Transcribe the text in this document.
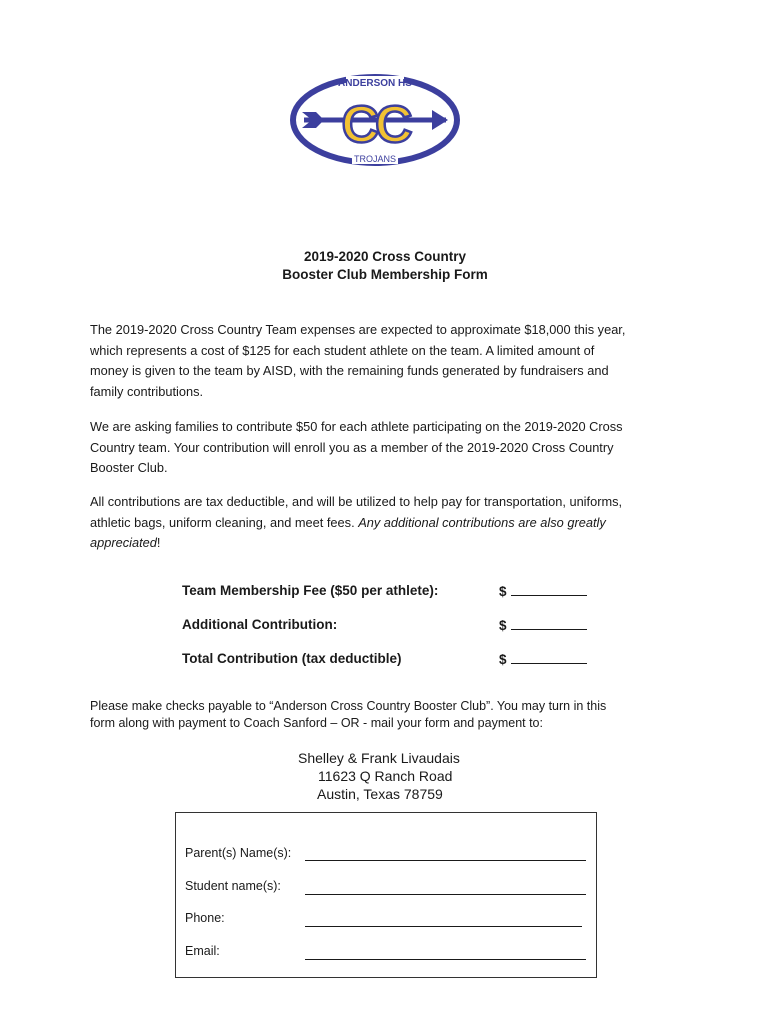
ANDERSON HS
TROJANS
CC
2019-2020 Cross Country
Booster Club Membership Form
The 2019-2020 Cross Country Team expenses are expected to approximate $18,000 this year,
which represents a cost of $125 for each student athlete on the team. A limited amount of
money is given to the team by AISD, with the remaining funds generated by fundraisers and
family contributions.
We are asking families to contribute $50 for each athlete participating on the 2019-2020 Cross
Country team. Your contribution will enroll you as a member of the 2019-2020 Cross Country
Booster Club.
All contributions are tax deductible, and will be utilized to help pay for transportation, uniforms,
athletic bags, uniform cleaning, and meet fees. Any additional contributions are also greatly
appreciated!
Team Membership Fee ($50 per athlete):	$
Additional Contribution:	$
Total Contribution (tax deductible)	$
Please make checks payable to “Anderson Cross Country Booster Club”. You may turn in this
form along with payment to Coach Sanford – OR - mail your form and payment to:
Shelley & Frank Livaudais
11623 Q Ranch Road
Austin, Texas 78759
Parent(s) Name(s):
Student name(s):
Phone:
Email:
